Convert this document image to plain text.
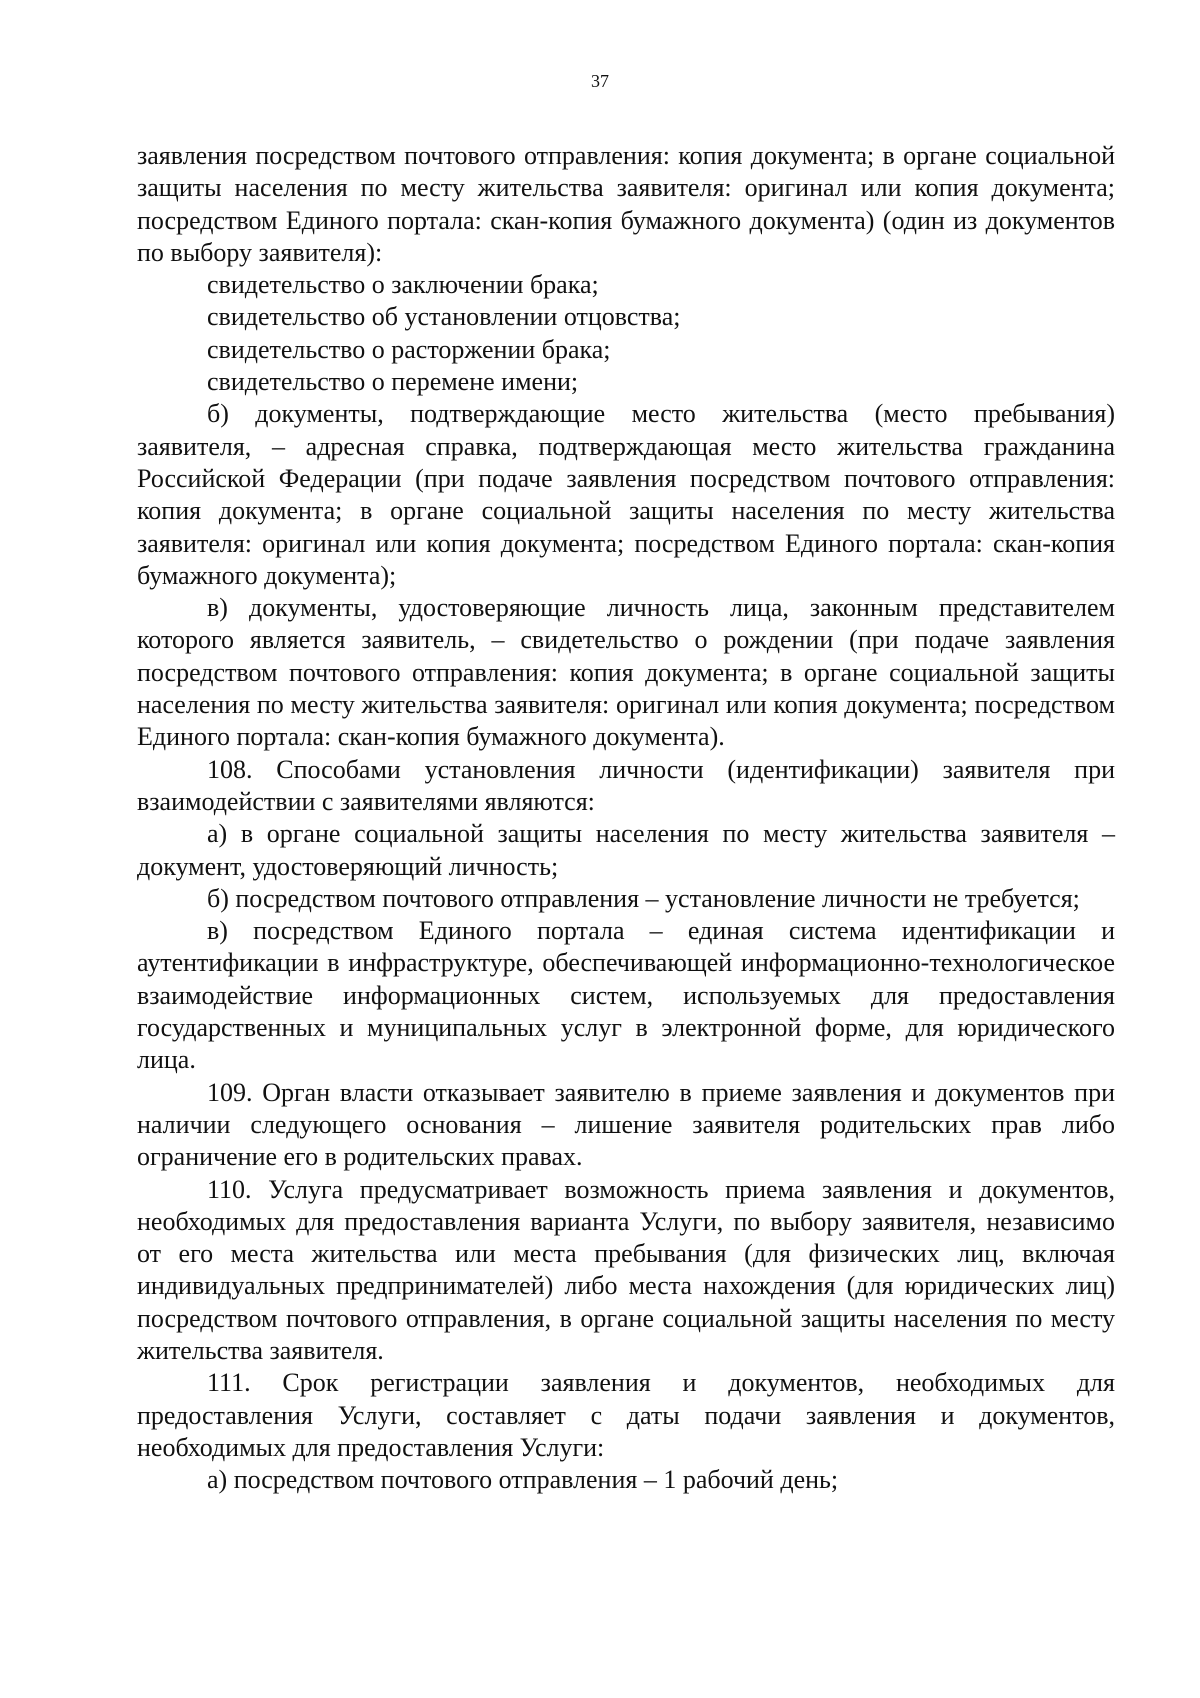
37

заявления посредством почтового отправления: копия документа; в органе социальной защиты населения по месту жительства заявителя: оригинал или копия документа; посредством Единого портала: скан-копия бумажного документа) (один из документов по выбору заявителя):

свидетельство о заключении брака;

свидетельство об установлении отцовства;

свидетельство о расторжении брака;

свидетельство о перемене имени;

б) документы, подтверждающие место жительства (место пребывания) заявителя, – адресная справка, подтверждающая место жительства гражданина Российской Федерации (при подаче заявления посредством почтового отправления: копия документа; в органе социальной защиты населения по месту жительства заявителя: оригинал или копия документа; посредством Единого портала: скан-копия бумажного документа);

в) документы, удостоверяющие личность лица, законным представителем которого является заявитель, – свидетельство о рождении (при подаче заявления посредством почтового отправления: копия документа; в органе социальной защиты населения по месту жительства заявителя: оригинал или копия документа; посредством Единого портала: скан-копия бумажного документа).

108. Способами установления личности (идентификации) заявителя при взаимодействии с заявителями являются:

а) в органе социальной защиты населения по месту жительства заявителя – документ, удостоверяющий личность;

б) посредством почтового отправления – установление личности не требуется;

в) посредством Единого портала – единая система идентификации и аутентификации в инфраструктуре, обеспечивающей информационно-технологическое взаимодействие информационных систем, используемых для предоставления государственных и муниципальных услуг в электронной форме, для юридического лица.

109. Орган власти отказывает заявителю в приеме заявления и документов при наличии следующего основания – лишение заявителя родительских прав либо ограничение его в родительских правах.

110. Услуга предусматривает возможность приема заявления и документов, необходимых для предоставления варианта Услуги, по выбору заявителя, независимо от его места жительства или места пребывания (для физических лиц, включая индивидуальных предпринимателей) либо места нахождения (для юридических лиц) посредством почтового отправления, в органе социальной защиты населения по месту жительства заявителя.

111. Срок регистрации заявления и документов, необходимых для предоставления Услуги, составляет с даты подачи заявления и документов, необходимых для предоставления Услуги:

а) посредством почтового отправления – 1 рабочий день;
